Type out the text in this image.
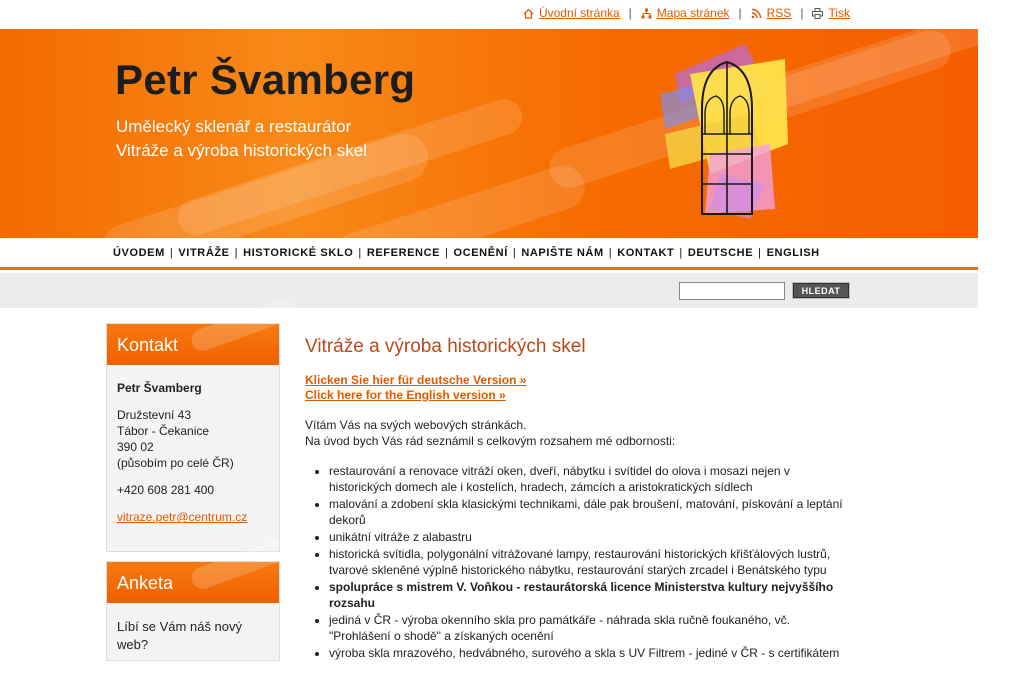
Úvodní stránka | Mapa stránek | RSS | Tisk
Petr Švamberg
Umělecký sklenář a restaurátor
Vitráže a výroba historických skel
ÚVODEM | VITRÁŽE | HISTORICKÉ SKLO | REFERENCE | OCENĚNÍ | NAPIŠTE NÁM | KONTAKT | DEUTSCHE | ENGLISH
HLEDAT
Kontakt

Petr Švamberg

Družstevní 43
Tábor - Čekanice
390 02
(působím po celé ČR)

+420 608 281 400

vitraze.petr@centrum.cz

Anketa

Líbí se Vám náš nový web?

Vitráže a výroba historických skel
Klicken Sie hier für deutsche Version »
Click here for the English version »
Vítám Vás na svých webových stránkách.
Na úvod bych Vás rád seznámil s celkovým rozsahem mé odbornosti:
• restaurování a renovace vitráží oken, dveří, nábytku i svítidel do olova i mosazi nejen v historických domech ale i kostelích, hradech, zámcích a aristokratických sídlech
• malování a zdobení skla klasickými technikami, dále pak broušení, matování, pískování a leptání dekorů
• unikátní vitráže z alabastru
• historická svítidla, polygonální vitrážované lampy, restaurování historických křišťálových lustrů, tvarové skleněné výplně historického nábytku, restaurování starých zrcadel i Benátského typu
• spolupráce s mistrem V. Voňkou - restaurátorská licence Ministerstva kultury nejvyššího rozsahu
• jediná v ČR - výroba okenního skla pro památkáře - náhrada skla ručně foukaného, vč. "Prohlášení o shodě" a získaných ocenění
• výroba skla mrazového, hedvábného, surového a skla s UV Filtrem - jediné v ČR - s certifikátem
